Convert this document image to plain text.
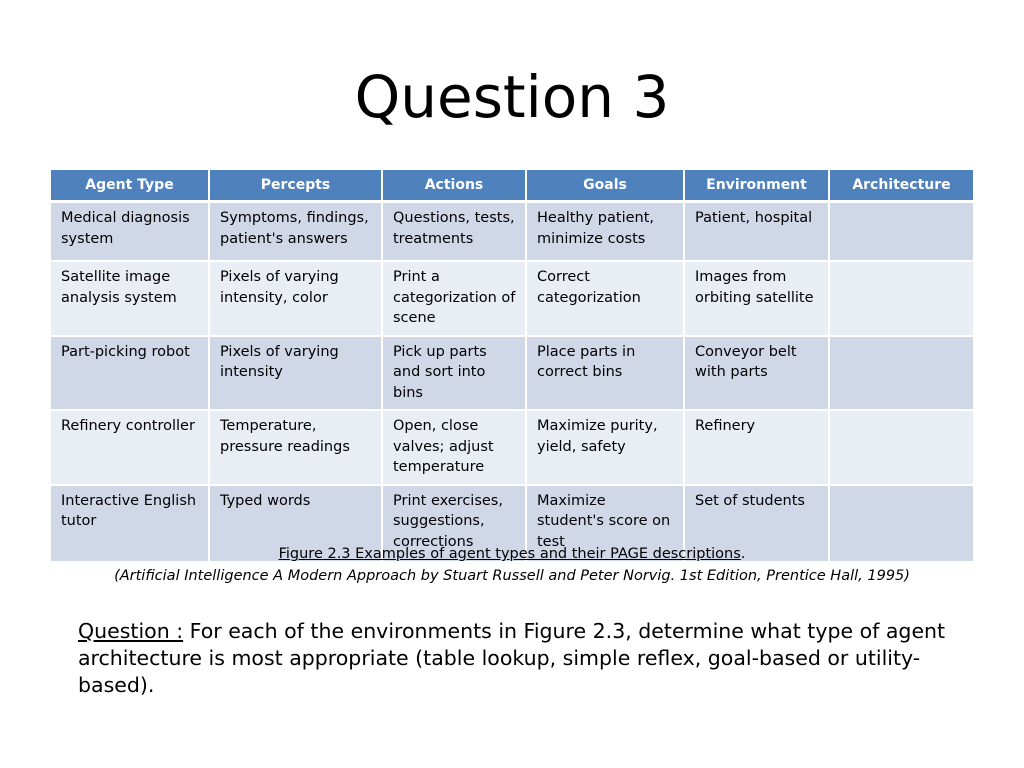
Question 3
Agent Type	Percepts	Actions	Goals	Environment	Architecture
Medical diagnosis system	Symptoms, findings, patient's answers	Questions, tests, treatments	Healthy patient, minimize costs	Patient, hospital	
Satellite image analysis system	Pixels of varying intensity, color	Print a categorization of scene	Correct categorization	Images from orbiting satellite	
Part-picking robot	Pixels of varying intensity	Pick up parts and sort into bins	Place parts in correct bins	Conveyor belt with parts	
Refinery controller	Temperature, pressure readings	Open, close valves; adjust temperature	Maximize purity, yield, safety	Refinery	
Interactive English tutor	Typed words	Print exercises, suggestions, corrections	Maximize student's score on test	Set of students	
Figure 2.3 Examples of agent types and their PAGE descriptions.
(Artificial Intelligence A Modern Approach by Stuart Russell and Peter Norvig. 1st Edition, Prentice Hall, 1995)
Question : For each of the environments in Figure 2.3, determine what type of agent architecture is most appropriate (table lookup, simple reflex, goal-based or utility-based).
